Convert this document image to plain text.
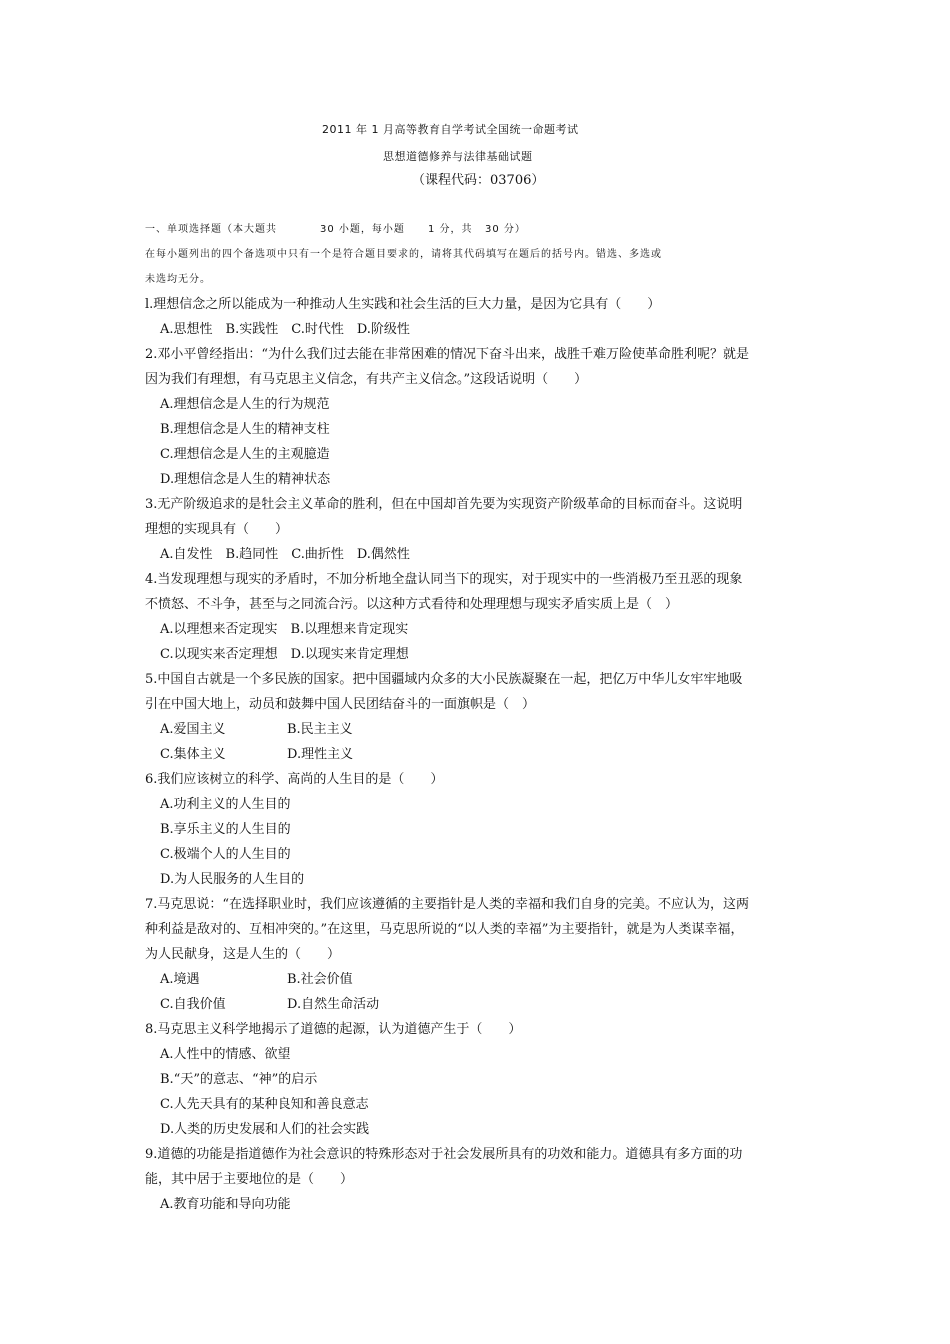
2011 年 1 月高等教育自学考试全国统一命题考试
思想道德修养与法律基础试题
（课程代码：03706）
一、单项选择题（本大题共	30 小题，每小题 1 分，共 30 分）
在每小题列出的四个备选项中只有一个是符合题目要求的，请将其代码填写在题后的括号内。错选、多选或
未选均无分。
l.理想信念之所以能成为一种推动人生实践和社会生活的巨大力量，是因为它具有（　　）
A.思想性　B.实践性　C.时代性　D.阶级性
2.邓小平曾经指出：“为什么我们过去能在非常困难的情况下奋斗出来，战胜千难万险使革命胜利呢？就是
因为我们有理想，有马克思主义信念，有共产主义信念。”这段话说明（　　）
A.理想信念是人生的行为规范
B.理想信念是人生的精神支柱
C.理想信念是人生的主观臆造
D.理想信念是人生的精神状态
3.无产阶级追求的是牡会主义革命的胜利，但在中国却首先要为实现资产阶级革命的目标而奋斗。这说明
理想的实现具有（　　）
A.自发性　B.趋同性　C.曲折性　D.偶然性
4.当发现理想与现实的矛盾时，不加分析地全盘认同当下的现实，对于现实中的一些消极乃至丑恶的现象
不愤怒、不斗争，甚至与之同流合污。以这种方式看待和处理理想与现实矛盾实质上是（　）
A.以理想来否定现实　B.以理想来肯定现实
C.以现实来否定理想　D.以现实来肯定理想
5.中国自古就是一个多民族的国家。把中国疆域内众多的大小民族凝聚在一起，把亿万中华儿女牢牢地吸
引在中国大地上，动员和鼓舞中国人民团结奋斗的一面旗帜是（　）
A.爱国主义	B.民主主义
C.集体主义	D.理性主义
6.我们应该树立的科学、高尚的人生目的是（　　）
A.功利主义的人生目的
B.享乐主义的人生目的
C.极端个人的人生目的
D.为人民服务的人生目的
7.马克思说：“在选择职业时，我们应该遵循的主要指针是人类的幸福和我们自身的完美。不应认为，这两
种利益是敌对的、互相冲突的。”在这里，马克思所说的“以人类的幸福”为主要指针，就是为人类谋幸福，
为人民献身，这是人生的（　　）
A.境遇	B.社会价值
C.自我价值	D.自然生命活动
8.马克思主义科学地揭示了道德的起源，认为道德产生于（　　）
A.人性中的情感、欲望
B.“天”的意志、“神”的启示
C.人先天具有的某种良知和善良意志
D.人类的历史发展和人们的社会实践
9.道德的功能是指道德作为社会意识的特殊形态对于社会发展所具有的功效和能力。道德具有多方面的功
能，其中居于主要地位的是（　　）
A.教育功能和导向功能
